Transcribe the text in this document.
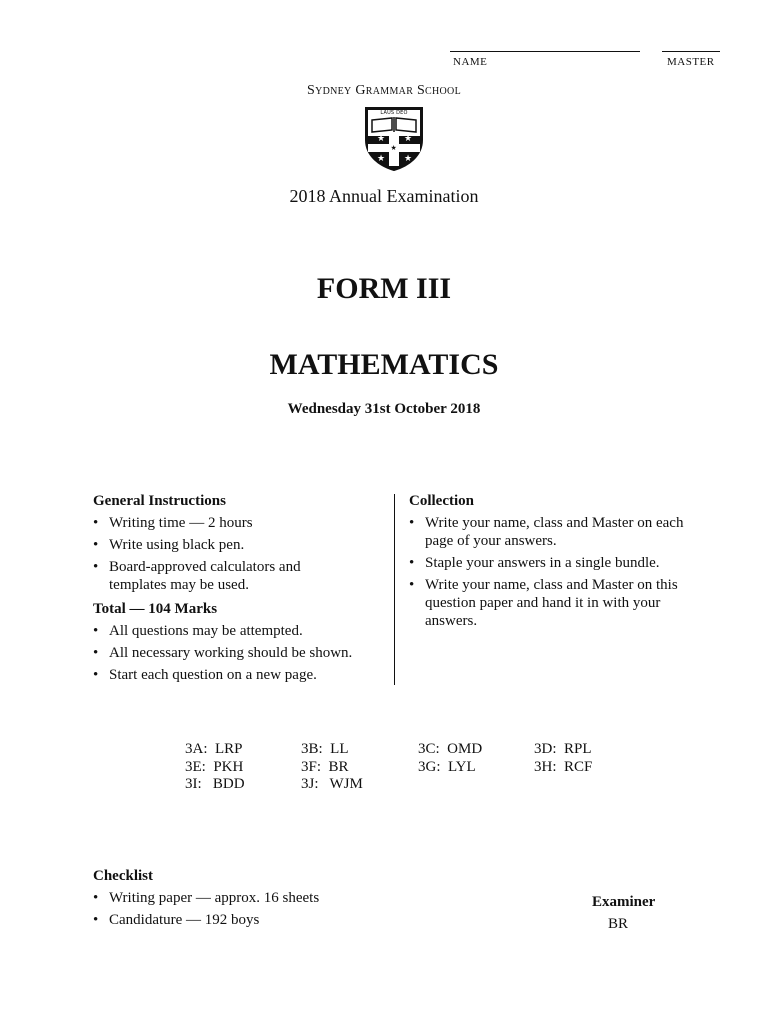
NAME	MASTER
Sydney Grammar School
★ ★
★ ★
★
LAUS DEO
2018 Annual Examination
FORM III
MATHEMATICS
Wednesday 31st October 2018
General Instructions
• Writing time — 2 hours
• Write using black pen.
• Board-approved calculators and templates may be used.
Total — 104 Marks
• All questions may be attempted.
• All necessary working should be shown.
• Start each question on a new page.
Collection
• Write your name, class and Master on each page of your answers.
• Staple your answers in a single bundle.
• Write your name, class and Master on this question paper and hand it in with your answers.
3A:  LRP	3B:  LL	3C:  OMD	3D:  RPL
3E:  PKH	3F:  BR	3G:  LYL	3H:  RCF
3I:   BDD	3J:   WJM
Checklist
• Writing paper — approx. 16 sheets
• Candidature — 192 boys
Examiner
BR
